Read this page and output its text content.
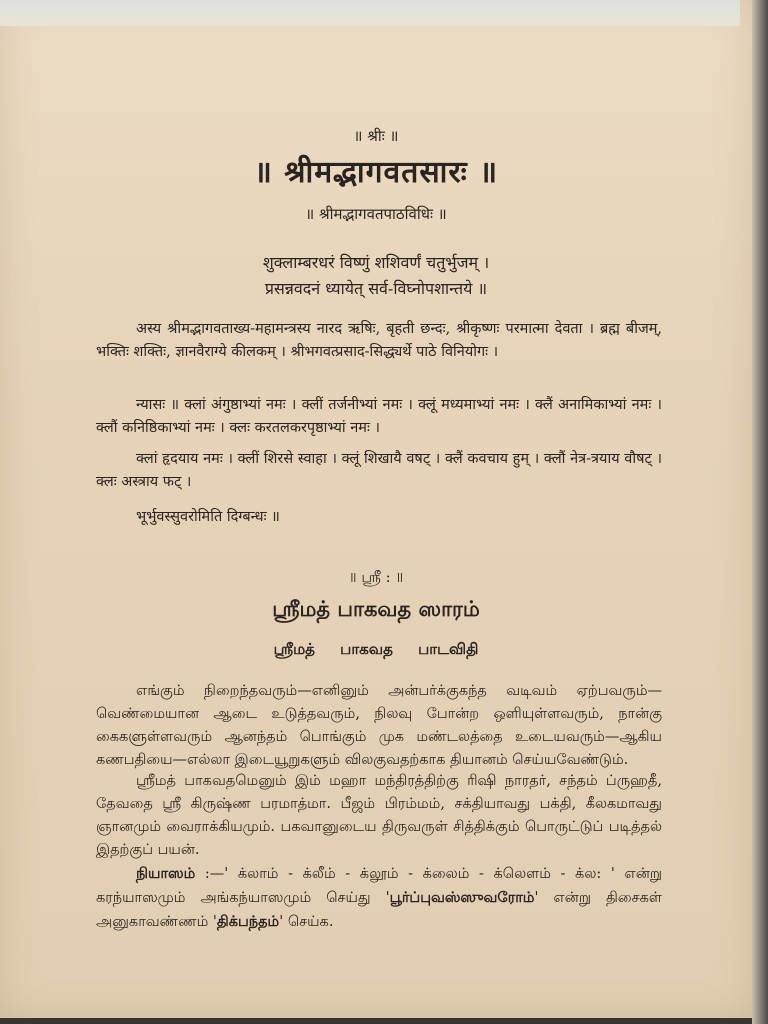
॥ श्रीः ॥
॥ श्रीमद्भागवतसारः ॥
॥ श्रीमद्भागवतपाठविधिः ॥
शुक्लाम्बरधरं विष्णुं शशिवर्णं चतुर्भुजम् ।
प्रसन्नवदनं ध्यायेत् सर्व-विघ्नोपशान्तये ॥
अस्य श्रीमद्भागवताख्य-महामन्त्रस्य नारद ऋषिः, बृहती छन्दः, श्रीकृष्णः परमात्मा देवता । ब्रह्म बीजम्, भक्तिः शक्तिः, ज्ञानवैराग्ये कीलकम् । श्रीभगवत्प्रसाद-सिद्ध्यर्थे पाठे विनियोगः ।
न्यासः ॥ क्लां अंगुष्ठाभ्यां नमः । क्लीं तर्जनीभ्यां नमः । क्लूं मध्यमाभ्यां नमः । क्लैं अनामिकाभ्यां नमः । क्लौं कनिष्ठिकाभ्यां नमः । क्लः करतलकरपृष्ठाभ्यां नमः ।
क्लां हृदयाय नमः । क्लीं शिरसे स्वाहा । क्लूं शिखायै वषट् । क्लैं कवचाय हुम् । क्लौं नेत्र-त्रयाय वौषट् । क्लः अस्त्राय फट् ।
भूर्भुवस्सुवरोमिति दिग्बन्धः ॥
॥ ஸ்ரீ : ॥
ஸ்ரீமத் பாகவத ஸாரம்
ஸ்ரீமத் பாகவத பாடவிதி
எங்கும் நிறைந்தவரும்—எனினும் அன்பர்க்குகந்த வடிவம் ஏற்பவரும்—வெண்மையான ஆடை உடுத்தவரும், நிலவு போன்ற ஒளியுள்ளவரும், நான்கு கைகளுள்ளவரும் ஆனந்தம் பொங்கும் முக மண்டலத்தை உடையவரும்—ஆகிய கணபதியை—எல்லா இடையூறுகளும் விலகுவதற்காக தியானம் செய்யவேண்டும்.
ஸ்ரீமத் பாகவதமெனும் இம் மஹா மந்திரத்திற்கு ரிஷி நாரதர், சந்தம் ப்ருஹதீ, தேவதை ஸ்ரீ கிருஷ்ண பரமாத்மா. பீஜம் பிரம்மம், சக்தியாவது பக்தி, கீலகமாவது ஞானமும் வைராக்கியமும். பகவானுடைய திருவருள் சித்திக்கும் பொருட்டுப் படித்தல் இதற்குப் பயன்.
நியாஸம் :—' க்லாம் - க்லீம் - க்லூம் - க்லைம் - க்லௌம் - க்ல: ' என்று கரந்யாஸமும் அங்கந்யாஸமும் செய்து 'பூர்ப்புவஸ்ஸுவரோம்' என்று திசைகள் அனுகாவண்ணம் 'திக்பந்தம்' செய்க.
